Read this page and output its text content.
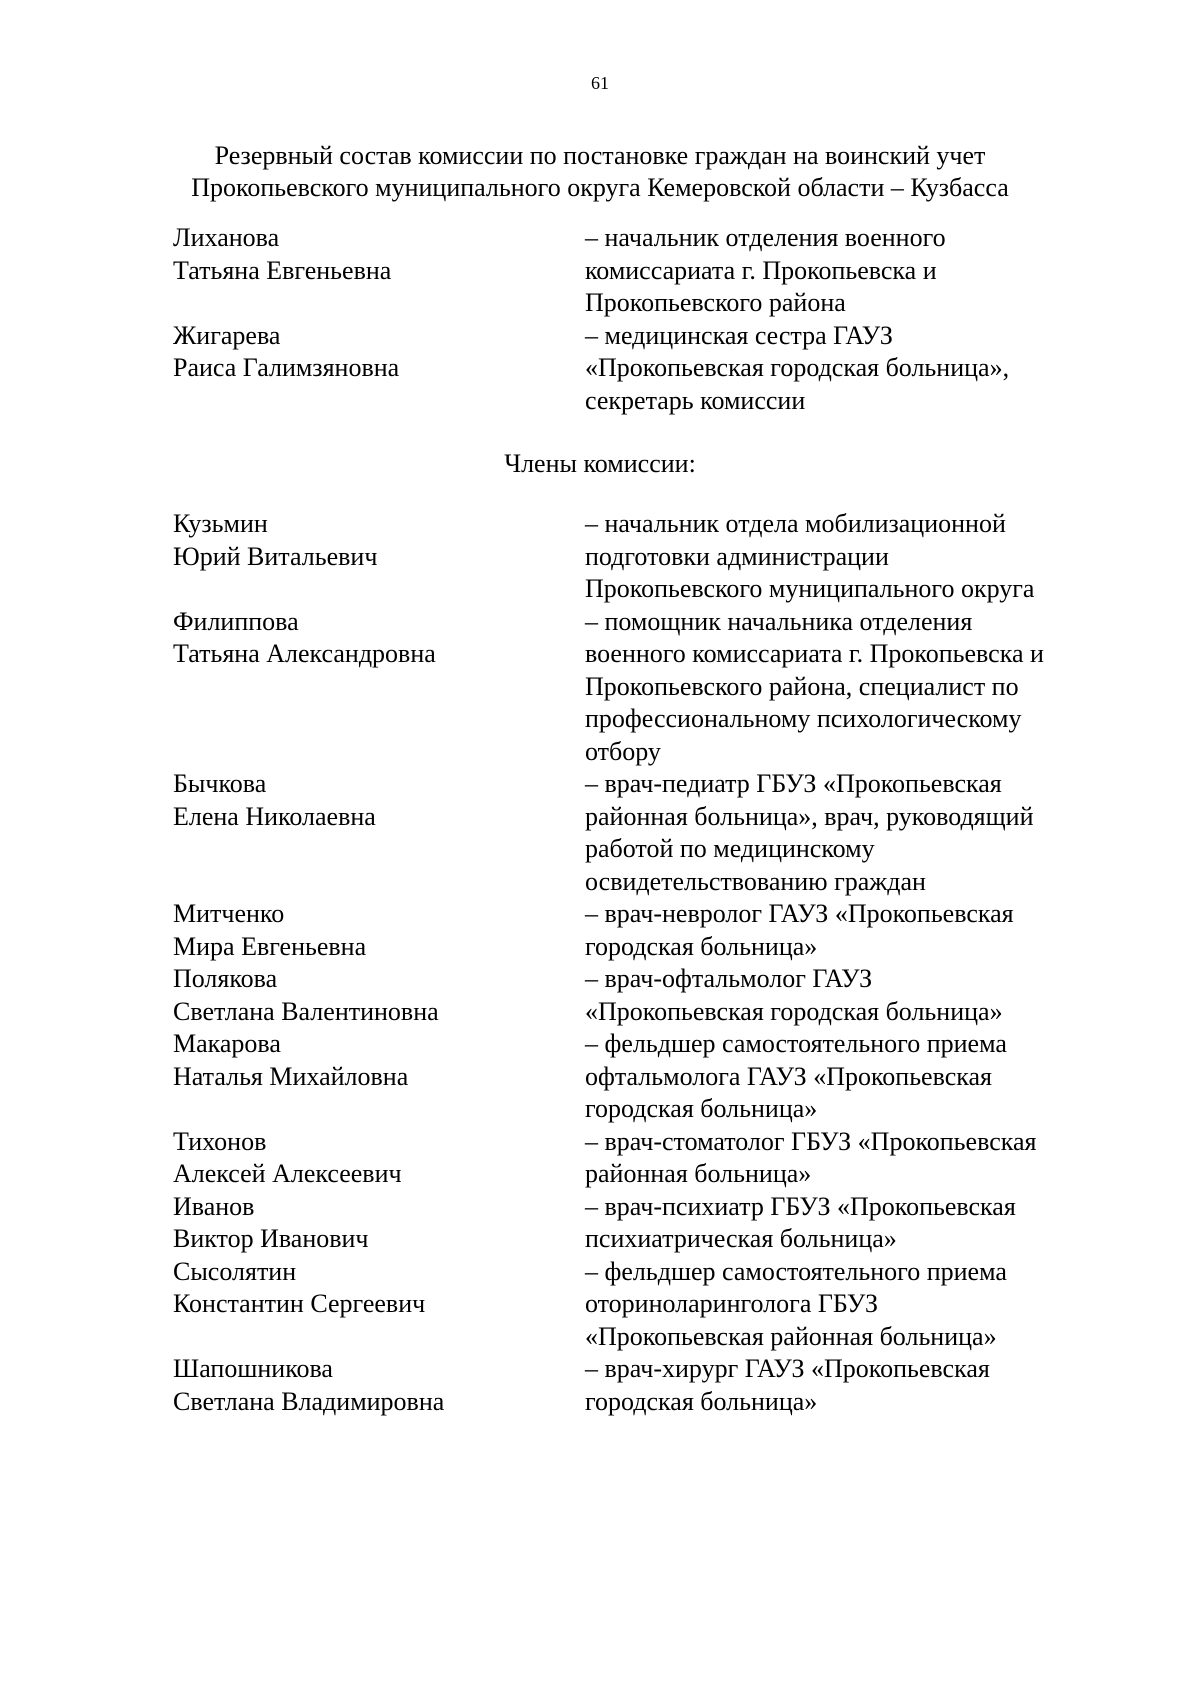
61
Резервный состав комиссии по постановке граждан на воинский учет
Прокопьевского муниципального округа Кемеровской области – Кузбасса
Лиханова
Татьяна Евгеньевна
– начальник отделения военного
комиссариата г. Прокопьевска и
Прокопьевского района
Жигарева
Раиса Галимзяновна
– медицинская сестра ГАУЗ
«Прокопьевская городская больница»,
секретарь комиссии
Члены комиссии:
Кузьмин
Юрий Витальевич
– начальник отдела мобилизационной
подготовки администрации
Прокопьевского муниципального округа
Филиппова
Татьяна Александровна
– помощник начальника отделения
военного комиссариата г. Прокопьевска и
Прокопьевского района, специалист по
профессиональному психологическому
отбору
Бычкова
Елена Николаевна
– врач-педиатр ГБУЗ «Прокопьевская
районная больница», врач, руководящий
работой по медицинскому
освидетельствованию граждан
Митченко
Мира Евгеньевна
– врач-невролог ГАУЗ «Прокопьевская
городская больница»
Полякова
Светлана Валентиновна
– врач-офтальмолог ГАУЗ
«Прокопьевская городская больница»
Макарова
Наталья Михайловна
– фельдшер самостоятельного приема
офтальмолога ГАУЗ «Прокопьевская
городская больница»
Тихонов
Алексей Алексеевич
– врач-стоматолог ГБУЗ «Прокопьевская
районная больница»
Иванов
Виктор Иванович
– врач-психиатр ГБУЗ «Прокопьевская
психиатрическая больница»
Сысолятин
Константин Сергеевич
– фельдшер самостоятельного приема
оториноларинголога ГБУЗ
«Прокопьевская районная больница»
Шапошникова
Светлана Владимировна
– врач-хирург ГАУЗ «Прокопьевская
городская больница»
